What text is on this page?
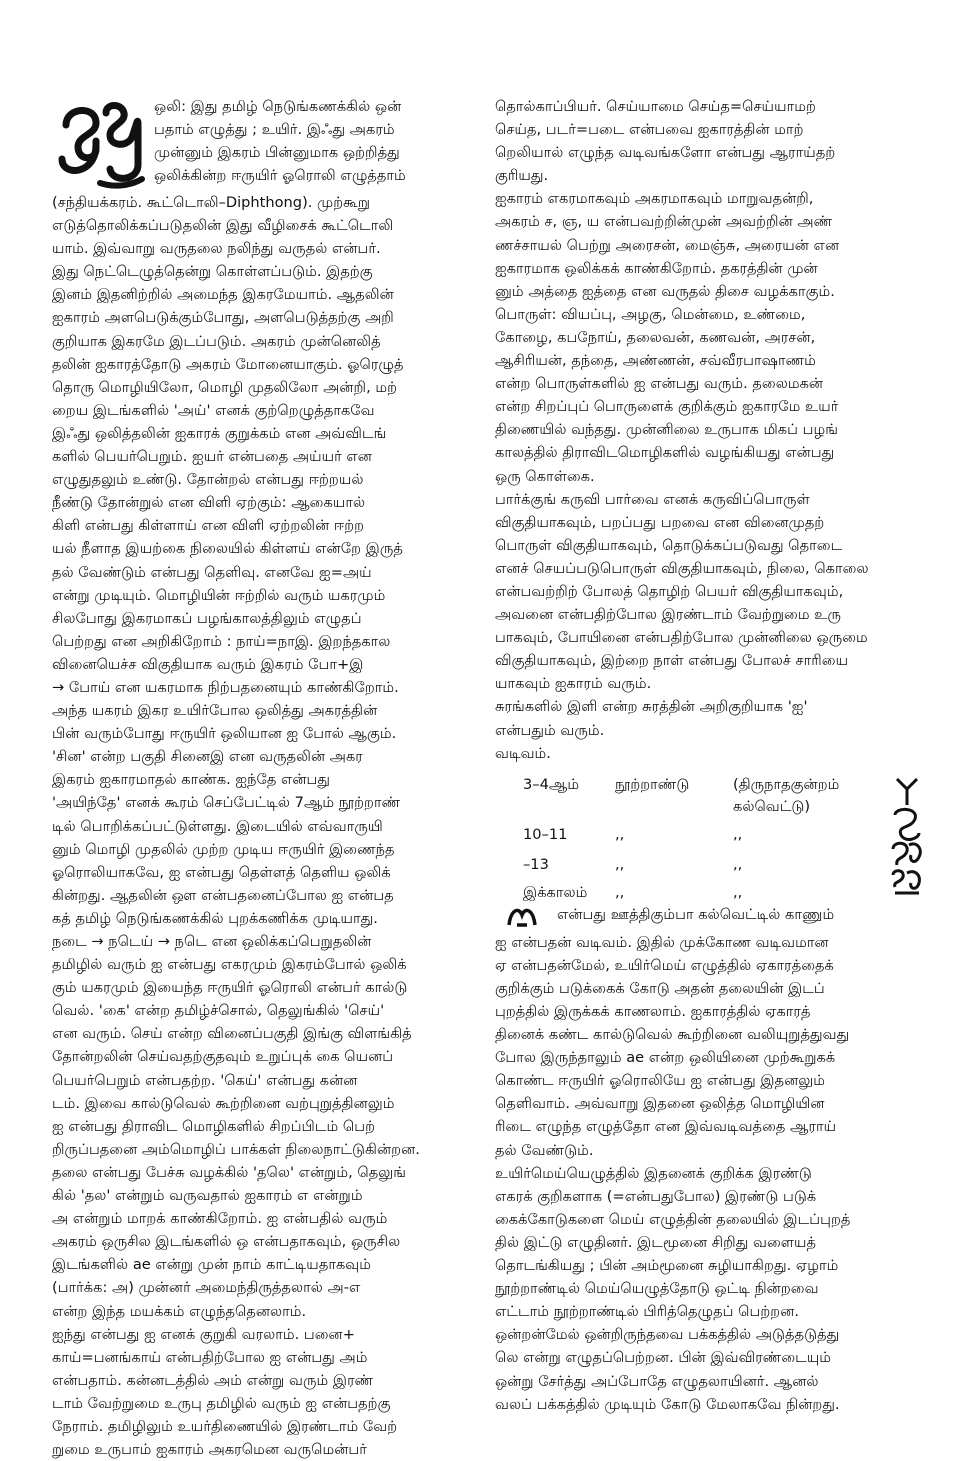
ஒலி: இது தமிழ் நெடுங்கணக்கில் ஒன்
பதாம் எழுத்து ; உயிர். இஃது அகரம்
முன்னும் இகரம் பின்னுமாக ஒற்றித்து
ஒலிக்கின்ற ஈருயிர் ஓரொலி எழுத்தாம்
(சந்தியக்கரம். கூட்டொலி–Diphthong). முற்கூறு
எடுத்தொலிக்கப்படுதலின் இது வீழிசைக் கூட்டொலி
யாம். இவ்வாறு வருதலை நலிந்து வருதல் என்பர்.
இது நெட்டெழுத்தென்று கொள்ளப்படும். இதற்கு
இனம் இதனிற்றில் அமைந்த இகரமேயாம். ஆதலின்
ஐகாரம் அளபெடுக்கும்போது, அளபெடுத்தற்கு அறி
குறியாக இகரமே இடப்படும். அகரம் முன்னெலித்
தலின் ஐகாரத்தோடு அகரம் மோனையாகும். ஓரெழுத்
தொரு மொழியிலோ, மொழி முதலிலோ அன்றி, மற்
றைய இடங்களில் 'அய்' எனக் குற்றெழுத்தாகவே
இஃது ஒலித்தலின் ஐகாரக் குறுக்கம் என அவ்விடங்
களில் பெயர்பெறும். ஐயர் என்பதை அய்யர் என
எழுதுதலும் உண்டு. தோன்றல் என்பது ஈற்றயல்
நீண்டு தோன்றுல் என விளி ஏற்கும்: ஆகையால்
கிளி என்பது கிள்ளாய் என விளி ஏற்றலின் ஈற்ற
யல் நீளாத இயற்கை நிலையில் கிள்ளய் என்றே இருத்
தல் வேண்டும் என்பது தெளிவு. எனவே ஐ=அய்
என்று முடியும். மொழியின் ஈற்றில் வரும் யகரமும்
சிலபோது இகரமாகப் பழங்காலத்திலும் எழுதப்
பெற்றது என அறிகிறோம் : நாய்=நாஇ. இறந்தகால
வினையெச்ச விகுதியாக வரும் இகரம் போ+இ
→ போய் என யகரமாக நிற்பதனையும் காண்கிறோம்.
அந்த யகரம் இகர உயிர்போல ஒலித்து அகரத்தின்
பின் வரும்போது ஈருயிர் ஒலியான ஐ போல் ஆகும்.
'சின' என்ற பகுதி சினைஇ என வருதலின் அகர
இகரம் ஐகாரமாதல் காண்க. ஐந்தே என்பது
'அயிந்தே' எனக் கூரம் செப்பேட்டில் 7ஆம் நூற்றாண்
டில் பொறிக்கப்பட்டுள்ளது. இடையில் எவ்வாருயி
னும் மொழி முதலில் முற்ற முடிய ஈருயிர் இணைந்த
ஓரொலியாகவே, ஐ என்பது தெள்ளத் தெளிய ஒலிக்
கின்றது. ஆதலின் ஔ என்பதனைப்போல ஐ என்பத
கத் தமிழ் நெடுங்கணக்கில் புறக்கணிக்க முடியாது.
நடை → நடெய் → நடெ என ஒலிக்கப்பெறுதலின்
தமிழில் வரும் ஐ என்பது எகரமும் இகரம்போல் ஒலிக்
கும் யகரமும் இயைந்த ஈருயிர் ஓரொலி என்பர் கால்டு
வெல். 'கை' என்ற தமிழ்ச்சொல், தெலுங்கில் 'செய்'
என வரும். செய் என்ற வினைப்பகுதி இங்கு விளங்கித்
தோன்றலின் செய்வதற்குதவும் உறுப்புக் கை யெனப்
பெயர்பெறும் என்பதற்ற. 'கெய்' என்பது கன்ன
டம். இவை கால்டுவெல் கூற்றினை வற்புறுத்தினலும்
ஐ என்பது திராவிட மொழிகளில் சிறப்பிடம் பெற்
றிருப்பதனை அம்மொழிப் பாக்கள் நிலைநாட்டுகின்றன.
தலை என்பது பேச்சு வழக்கில் 'தலெ' என்றும், தெலுங்
கில் 'தல' என்றும் வருவதால் ஐகாரம் எ என்றும்
அ என்றும் மாறக் காண்கிறோம். ஐ என்பதில் வரும்
அகரம் ஒருசில இடங்களில் ஒ என்பதாகவும், ஒருசில
இடங்களில் ae என்று முன் நாம் காட்டியதாகவும்
(பார்க்க: அ) முன்னர் அமைந்திருத்தலால் அ-எ
என்ற இந்த மயக்கம் எழுந்ததெனலாம்.
ஐந்து என்பது ஐ எனக் குறுகி வரலாம். பனை+
காய்=பனங்காய் என்பதிற்போல ஐ என்பது அம்
என்பதாம். கன்னடத்தில் அம் என்று வரும் இரண்
டாம் வேற்றுமை உருபு தமிழில் வரும் ஐ என்பதற்கு
நேராம். தமிழிலும் உயர்திணையில் இரண்டாம் வேற்
றுமை உருபாம் ஐகாரம் அகரமென வருமென்பர்
தொல்காப்பியர். செய்யாமை செய்த=செய்யாமற்
செய்த, படர்=படை என்பவை ஐகாரத்தின் மாற்
றெலியால் எழுந்த வடிவங்களோ என்பது ஆராய்தற்
குரியது.
ஐகாரம் எகரமாகவும் அகரமாகவும் மாறுவதன்றி,
அகரம் ச, ஞ, ய என்பவற்றின்முன் அவற்றின் அண்
ணச்சாயல் பெற்று அரைசன், மைஞ்சு, அரையன் என
ஐகாரமாக ஒலிக்கக் காண்கிறோம். தகரத்தின் முன்
னும் அத்தை ஐத்தை என வருதல் திசை வழக்காகும்.
பொருள்: வியப்பு, அழகு, மென்மை, உண்மை,
கோழை, கபநோய், தலைவன், கணவன், அரசன்,
ஆசிரியன், தந்தை, அண்ணன், சவ்வீரபாஷாணம்
என்ற பொருள்களில் ஐ என்பது வரும். தலைமகன்
என்ற சிறப்புப் பொருளைக் குறிக்கும் ஐகாரமே உயர்
திணையில் வந்தது. முன்னிலை உருபாக மிகப் பழங்
காலத்தில் திராவிடமொழிகளில் வழங்கியது என்பது
ஒரு கொள்கை.
பார்க்குங் கருவி பார்வை எனக் கருவிப்பொருள்
விகுதியாகவும், பறப்பது பறவை என வினைமுதற்
பொருள் விகுதியாகவும், தொடுக்கப்படுவது தொடை
எனச் செயப்படுபொருள் விகுதியாகவும், நிலை, கொலை
என்பவற்றிற் போலத் தொழிற் பெயர் விகுதியாகவும்,
அவனை என்பதிற்போல இரண்டாம் வேற்றுமை உரு
பாகவும், போயினை என்பதிற்போல முன்னிலை ஒருமை
விகுதியாகவும், இற்றை நாள் என்பது போலச் சாரியை
யாகவும் ஐகாரம் வரும்.
சுரங்களில் இளி என்ற சுரத்தின் அறிகுறியாக 'ஐ'
என்பதும் வரும்.
வடிவம்.
3–4ஆம் நூற்றாண்டு	(திருநாதகுன்றம்
கல்வெட்டு)
10–11	,,	,,
–13	,,	,,
இக்காலம் ,,	,,
என்பது ஊத்திகும்பா கல்வெட்டில் காணும்
ஐ என்பதன் வடிவம். இதில் முக்கோண வடிவமான
ஏ என்பதன்மேல், உயிர்மெய் எழுத்தில் ஏகாரத்தைக்
குறிக்கும் படுக்கைக் கோடு அதன் தலையின் இடப்
புறத்தில் இருக்கக் காணலாம். ஐகாரத்தில் ஏகாரத்
தினைக் கண்ட கால்டுவெல் கூற்றினை வலியுறுத்துவது
போல இருந்தாலும் ae என்ற ஒலியினை முற்கூறுகக்
கொண்ட ஈருயிர் ஓரொலியே ஐ என்பது இதனலும்
தெளிவாம். அவ்வாறு இதனை ஒலித்த மொழியின
ரிடை எழுந்த எழுத்தோ என இவ்வடிவத்தை ஆராய்
தல் வேண்டும்.
உயிர்மெய்யெழுத்தில் இதனைக் குறிக்க இரண்டு
எகரக் குறிகளாக (=என்பதுபோல) இரண்டு படுக்
கைக்கோடுகளை மெய் எழுத்தின் தலையில் இடப்புறத்
தில் இட்டு எழுதினர். இடமூனை சிறிது வளையத்
தொடங்கியது ; பின் அம்மூனை சுழியாகிறது. ஏழாம்
நூற்றாண்டில் மெய்யெழுத்தோடு ஒட்டி நின்றவை
எட்டாம் நூற்றாண்டில் பிரித்தெழுதப் பெற்றன.
ஒன்றன்மேல் ஒன்றிருந்தவை பக்கத்தில் அடுத்தடுத்து
லெ என்று எழுதப்பெற்றன. பின் இவ்விரண்டையும்
ஒன்று சேர்த்து அப்போதே எழுதலாயினர். ஆனல்
வலப் பக்கத்தில் முடியும் கோடு மேலாகவே நின்றது.
